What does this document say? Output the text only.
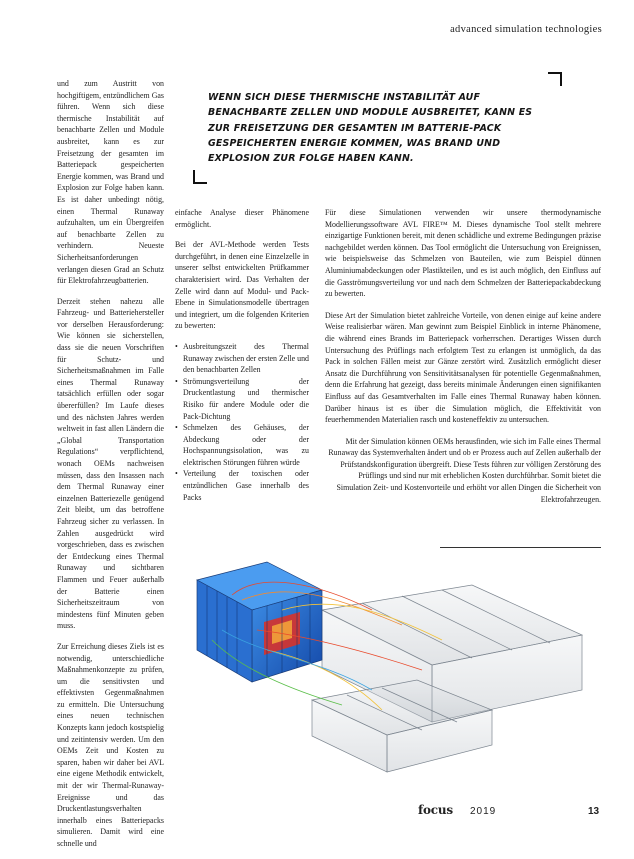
advanced simulation technologies
WENN SICH DIESE THERMISCHE INSTABILITÄT AUF BENACHBARTE ZELLEN UND MODULE AUSBREITET, KANN ES ZUR FREISETZUNG DER GESAMTEN IM BATTERIE-PACK GESPEICHERTEN ENERGIE KOMMEN, WAS BRAND UND EXPLOSION ZUR FOLGE HABEN KANN.

und zum Austritt von hochgiftigem, entzündlichem Gas führen. Wenn sich diese thermische Instabilität auf benachbarte Zellen und Module ausbreitet, kann es zur Freisetzung der gesamten im Batteriepack gespeicherten Energie kommen, was Brand und Explosion zur Folge haben kann. Es ist daher unbedingt nötig, einen Thermal Runaway aufzuhalten, um ein Übergreifen auf benachbarte Zellen zu verhindern. Neueste Sicherheitsanforderungen verlangen diesen Grad an Schutz für Elektrofahrzeugbatterien.

Derzeit stehen nahezu alle Fahrzeug- und Batteriehersteller vor derselben Herausforderung: Wie können sie sicherstellen, dass sie die neuen Vorschriften für Schutz- und Sicherheitsmaßnahmen im Falle eines Thermal Runaway tatsächlich erfüllen oder sogar übererfüllen? Im Laufe dieses und des nächsten Jahres werden weltweit in fast allen Ländern die „Global Transportation Regulations“ verpflichtend, wonach OEMs nachweisen müssen, dass den Insassen nach dem Thermal Runaway einer einzelnen Batteriezelle genügend Zeit bleibt, um das betroffene Fahrzeug sicher zu verlassen. In Zahlen ausgedrückt wird vorgeschrieben, dass es zwischen der Entdeckung eines Thermal Runaway und sichtbaren Flammen und Feuer außerhalb der Batterie einen Sicherheitszeitraum von mindestens fünf Minuten geben muss.

Zur Erreichung dieses Ziels ist es notwendig, unterschiedliche Maßnahmenkonzepte zu prüfen, um die sensitivsten und effektivsten Gegenmaßnahmen zu ermitteln. Die Untersuchung eines neuen technischen Konzepts kann jedoch kostspielig und zeitintensiv werden. Um den OEMs Zeit und Kosten zu sparen, haben wir daher bei AVL eine eigene Methodik entwickelt, mit der wir Thermal-Runaway-Ereignisse und das Druckentlastungsverhalten innerhalb eines Batteriepacks simulieren. Damit wird eine schnelle und

einfache Analyse dieser Phänomene ermöglicht.

Bei der AVL-Methode werden Tests durchgeführt, in denen eine Einzelzelle in unserer selbst entwickelten Prüfkammer charakterisiert wird. Das Verhalten der Zelle wird dann auf Modul- und Pack-Ebene in Simulationsmodelle übertragen und integriert, um die folgenden Kriterien zu bewerten:

• Ausbreitungszeit des Thermal Runaway zwischen der ersten Zelle und den benachbarten Zellen
• Strömungsverteilung der Druckentlastung und thermischer Risiko für andere Module oder die Pack-Dichtung
• Schmelzen des Gehäuses, der Abdeckung oder der Hochspannungsisolation, was zu elektrischen Störungen führen würde
• Verteilung der toxischen oder entzündlichen Gase innerhalb des Packs

Für diese Simulationen verwenden wir unsere thermodynamische Modellierungssoftware AVL FIRE™ M. Dieses dynamische Tool stellt mehrere einzigartige Funktionen bereit, mit denen schädliche und extreme Bedingungen präzise nachgebildet werden können. Das Tool ermöglicht die Untersuchung von Ereignissen, wie beispielsweise das Schmelzen von Bauteilen, wie zum Beispiel dünnen Aluminiumabdeckungen oder Plastikteilen, und es ist auch möglich, den Einfluss auf die Gasströmungsverteilung vor und nach dem Schmelzen der Batteriepackabdeckung zu bewerten.

Diese Art der Simulation bietet zahlreiche Vorteile, von denen einige auf keine andere Weise realisierbar wären. Man gewinnt zum Beispiel Einblick in interne Phänomene, die während eines Brands im Batteriepack vorherrschen. Derartiges Wissen durch Untersuchung des Prüflings nach erfolgtem Test zu erlangen ist unmöglich, da das Pack in solchen Fällen meist zur Gänze zerstört wird. Zusätzlich ermöglicht dieser Ansatz die Durchführung von Sensitivitätsanalysen für potentielle Gegenmaßnahmen, denn die Erfahrung hat gezeigt, dass bereits minimale Änderungen einen signifikanten Einfluss auf das Gesamtverhalten im Falle eines Thermal Runaway haben können. Darüber hinaus ist es über die Simulation möglich, die Effektivität von feuerhemmenden Materialien rasch und kosteneffektiv zu untersuchen.

Mit der Simulation können OEMs herausfinden, wie sich im Falle eines Thermal Runaway das Systemverhalten ändert und ob er Prozess auch auf Zellen außerhalb der Prüfstandskonfiguration übergreift. Diese Tests führen zur völligen Zerstörung des Prüflings und sind nur mit erheblichen Kosten durchführbar. Somit bietet die Simulation Zeit- und Kostenvorteile und erhöht vor allen Dingen die Sicherheit von Elektrofahrzeugen.

focus 2019	13
